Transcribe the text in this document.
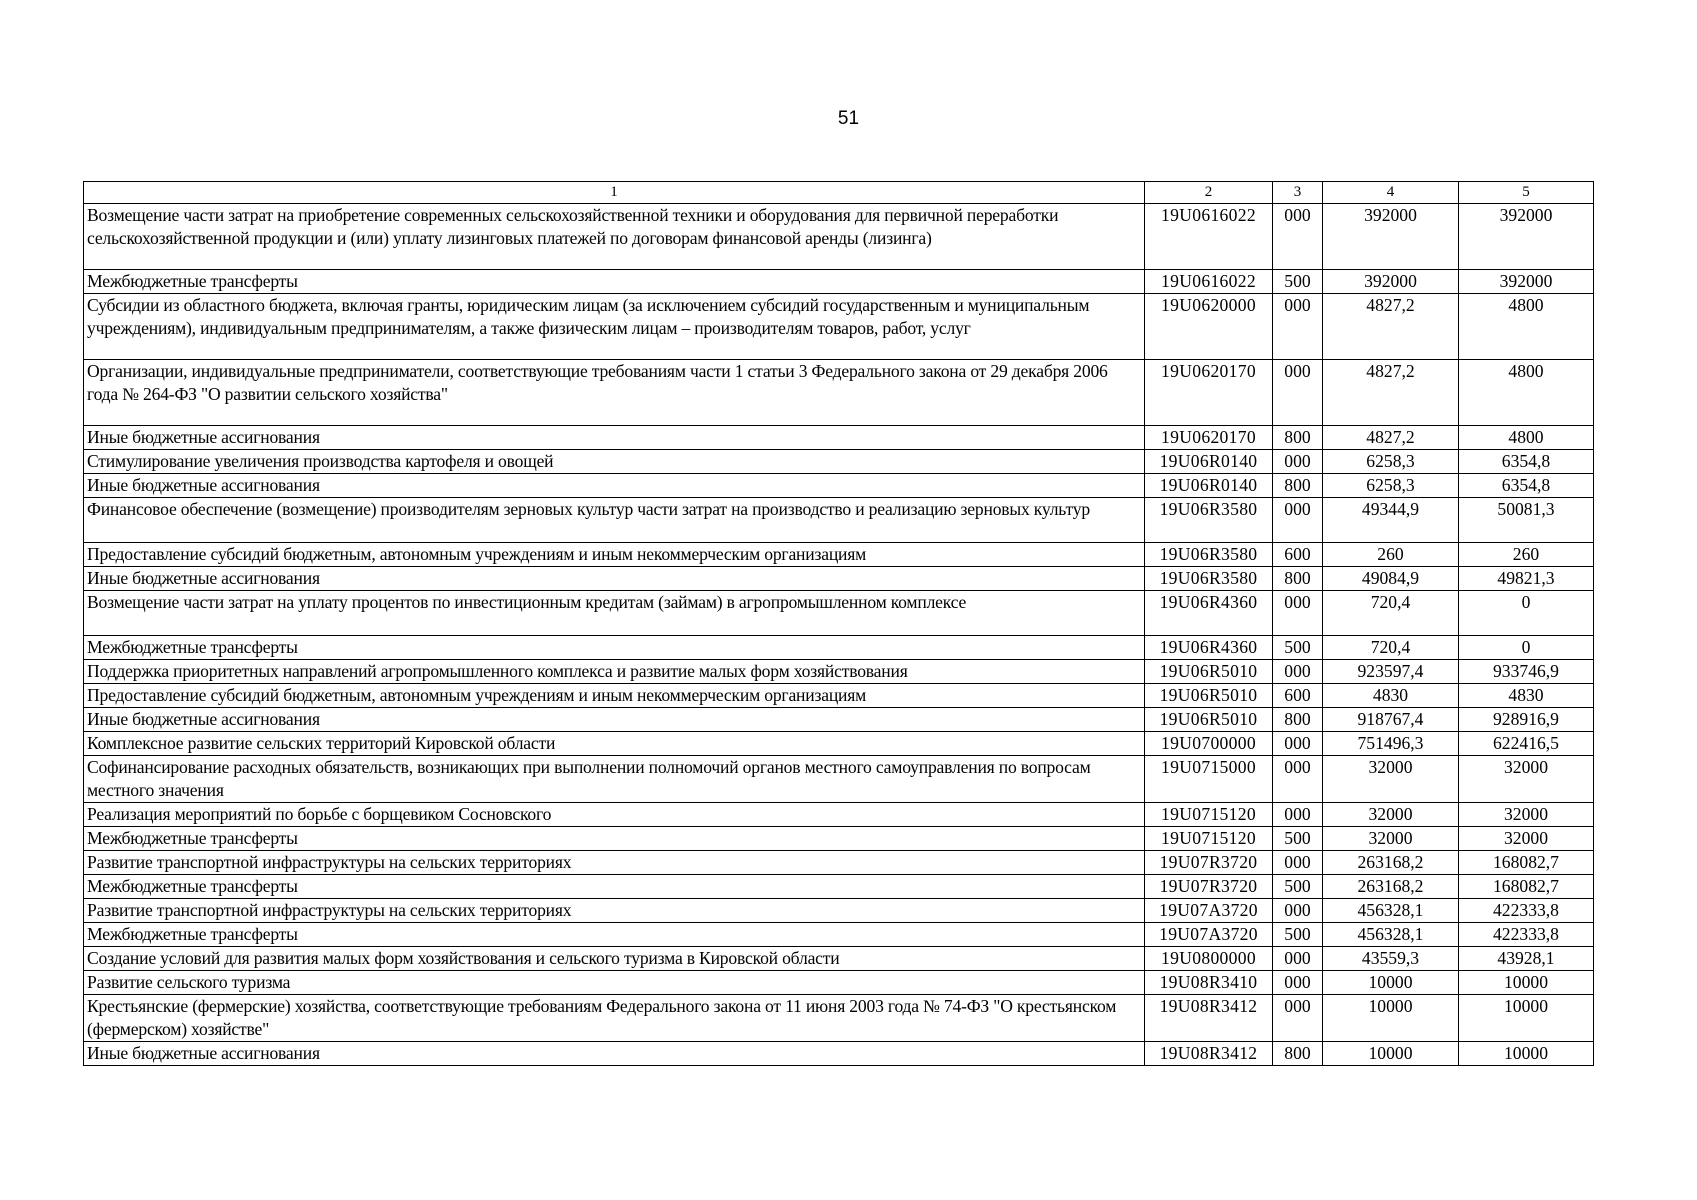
51
1	2	3	4	5
Возмещение части затрат на приобретение современных сельскохозяйственной техники и оборудования для первичной переработки сельскохозяйственной продукции и (или) уплату лизинговых платежей по договорам финансовой аренды (лизинга)	19U0616022	000	392000	392000
Межбюджетные трансферты	19U0616022	500	392000	392000
Субсидии из областного бюджета, включая гранты, юридическим лицам (за исключением субсидий государственным и муниципальным учреждениям), индивидуальным предпринимателям, а также физическим лицам – производителям товаров, работ, услуг	19U0620000	000	4827,2	4800
Организации, индивидуальные предприниматели, соответствующие требованиям части 1 статьи 3 Федерального закона от 29 декабря 2006 года № 264-ФЗ "О развитии сельского хозяйства"	19U0620170	000	4827,2	4800
Иные бюджетные ассигнования	19U0620170	800	4827,2	4800
Стимулирование увеличения производства картофеля и овощей	19U06R0140	000	6258,3	6354,8
Иные бюджетные ассигнования	19U06R0140	800	6258,3	6354,8
Финансовое обеспечение (возмещение) производителям зерновых культур части затрат на производство и реализацию зерновых культур	19U06R3580	000	49344,9	50081,3
Предоставление субсидий бюджетным, автономным учреждениям и иным некоммерческим организациям	19U06R3580	600	260	260
Иные бюджетные ассигнования	19U06R3580	800	49084,9	49821,3
Возмещение части затрат на уплату процентов по инвестиционным кредитам (займам) в агропромышленном комплексе	19U06R4360	000	720,4	0
Межбюджетные трансферты	19U06R4360	500	720,4	0
Поддержка приоритетных направлений агропромышленного комплекса и развитие малых форм хозяйствования	19U06R5010	000	923597,4	933746,9
Предоставление субсидий бюджетным, автономным учреждениям и иным некоммерческим организациям	19U06R5010	600	4830	4830
Иные бюджетные ассигнования	19U06R5010	800	918767,4	928916,9
Комплексное развитие сельских территорий Кировской области	19U0700000	000	751496,3	622416,5
Софинансирование расходных обязательств, возникающих при выполнении полномочий органов местного самоуправления по вопросам местного значения	19U0715000	000	32000	32000
Реализация мероприятий по борьбе с борщевиком Сосновского	19U0715120	000	32000	32000
Межбюджетные трансферты	19U0715120	500	32000	32000
Развитие транспортной инфраструктуры на сельских территориях	19U07R3720	000	263168,2	168082,7
Межбюджетные трансферты	19U07R3720	500	263168,2	168082,7
Развитие транспортной инфраструктуры на сельских территориях	19U07A3720	000	456328,1	422333,8
Межбюджетные трансферты	19U07A3720	500	456328,1	422333,8
Создание условий для развития малых форм хозяйствования и сельского туризма в Кировской области	19U0800000	000	43559,3	43928,1
Развитие сельского туризма	19U08R3410	000	10000	10000
Крестьянские (фермерские) хозяйства, соответствующие требованиям Федерального закона от 11 июня 2003 года № 74-ФЗ "О крестьянском (фермерском) хозяйстве"	19U08R3412	000	10000	10000
Иные бюджетные ассигнования	19U08R3412	800	10000	10000
